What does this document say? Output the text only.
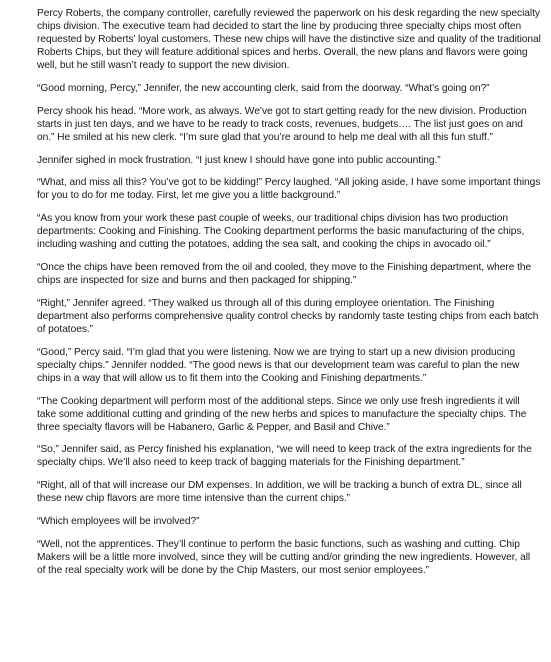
Percy Roberts, the company controller, carefully reviewed the paperwork on his desk regarding the new specialty chips division. The executive team had decided to start the line by producing three specialty chips most often requested by Roberts’ loyal customers. These new chips will have the distinctive size and quality of the traditional Roberts Chips, but they will feature additional spices and herbs. Overall, the new plans and flavors were going well, but he still wasn’t ready to support the new division.

“Good morning, Percy,” Jennifer, the new accounting clerk, said from the doorway. “What’s going on?”

Percy shook his head. “More work, as always. We’ve got to start getting ready for the new division. Production starts in just ten days, and we have to be ready to track costs, revenues, budgets…. The list just goes on and on.” He smiled at his new clerk. “I’m sure glad that you’re around to help me deal with all this fun stuff.”

Jennifer sighed in mock frustration. “I just knew I should have gone into public accounting.”

“What, and miss all this? You’ve got to be kidding!” Percy laughed. “All joking aside, I have some important things for you to do for me today. First, let me give you a little background.”

“As you know from your work these past couple of weeks, our traditional chips division has two production departments: Cooking and Finishing. The Cooking department performs the basic manufacturing of the chips, including washing and cutting the potatoes, adding the sea salt, and cooking the chips in avocado oil.”

“Once the chips have been removed from the oil and cooled, they move to the Finishing department, where the chips are inspected for size and burns and then packaged for shipping.”

“Right,” Jennifer agreed. “They walked us through all of this during employee orientation. The Finishing department also performs comprehensive quality control checks by randomly taste testing chips from each batch of potatoes.”

“Good,” Percy said. “I’m glad that you were listening. Now we are trying to start up a new division producing specialty chips.” Jennifer nodded. “The good news is that our development team was careful to plan the new chips in a way that will allow us to fit them into the Cooking and Finishing departments.”

“The Cooking department will perform most of the additional steps. Since we only use fresh ingredients it will take some additional cutting and grinding of the new herbs and spices to manufacture the specialty chips. The three specialty flavors will be Habanero, Garlic & Pepper, and Basil and Chive.”

“So,” Jennifer said, as Percy finished his explanation, “we will need to keep track of the extra ingredients for the specialty chips. We’ll also need to keep track of bagging materials for the Finishing department.”

“Right, all of that will increase our DM expenses. In addition, we will be tracking a bunch of extra DL, since all these new chip flavors are more time intensive than the current chips.”

“Which employees will be involved?”

“Well, not the apprentices. They’ll continue to perform the basic functions, such as washing and cutting. Chip Makers will be a little more involved, since they will be cutting and/or grinding the new ingredients. However, all of the real specialty work will be done by the Chip Masters, our most senior employees.”
